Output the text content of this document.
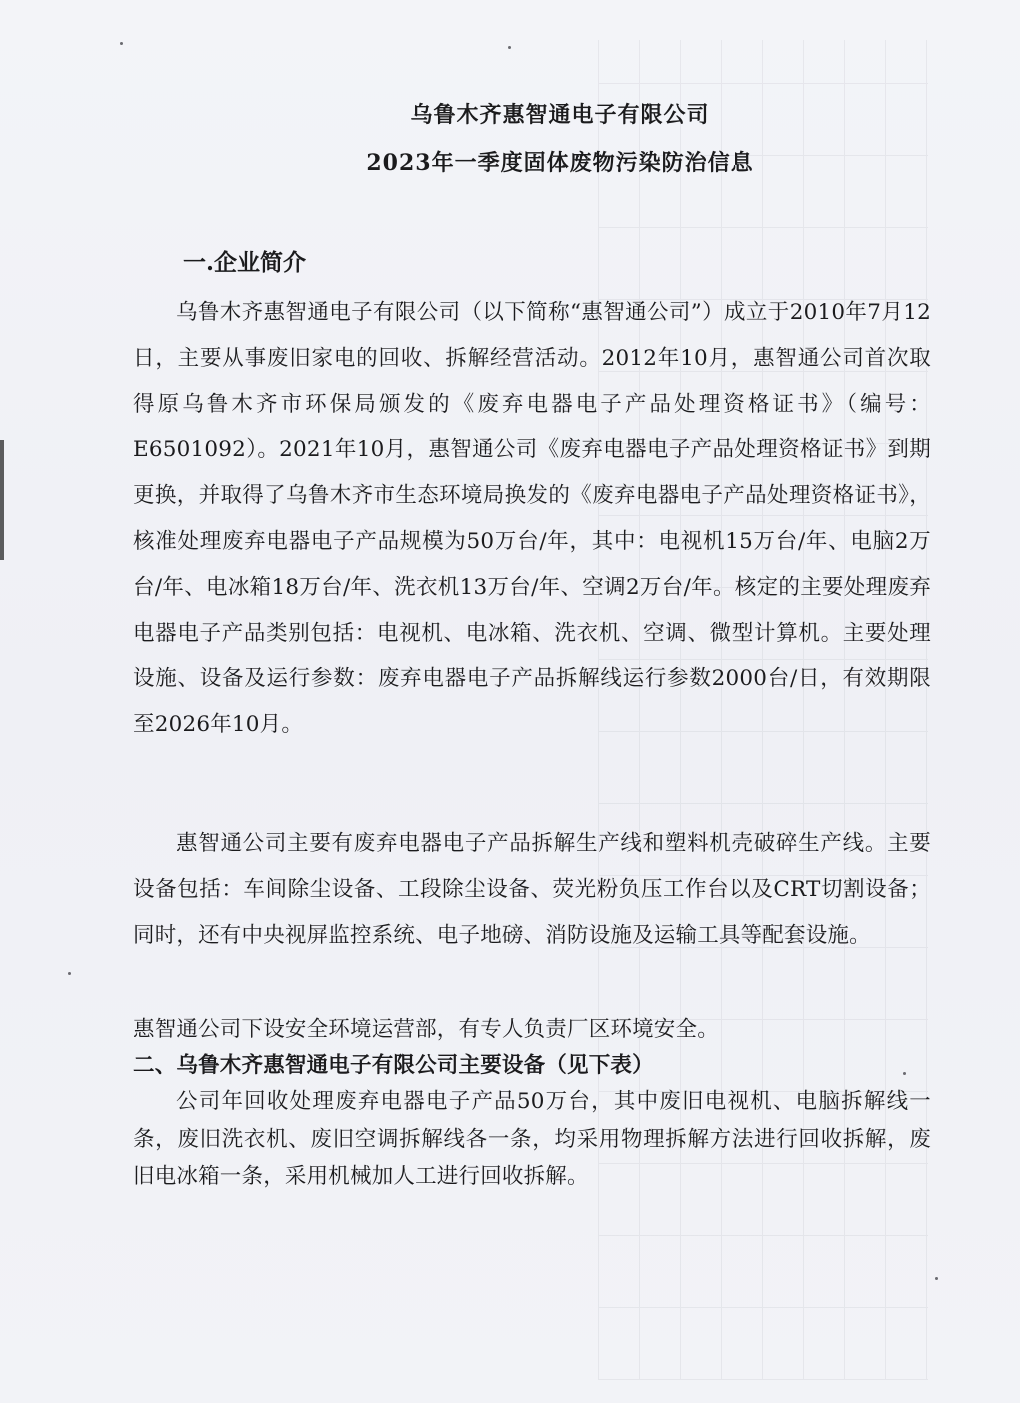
乌鲁木齐惠智通电子有限公司
2023年一季度固体废物污染防治信息
一.企业简介
乌鲁木齐惠智通电子有限公司（以下简称“惠智通公司”）成立于2010年7月12日，主要从事废旧家电的回收、拆解经营活动。2012年10月，惠智通公司首次取得原乌鲁木齐市环保局颁发的《废弃电器电子产品处理资格证书》（编号：E6501092）。2021年10月，惠智通公司《废弃电器电子产品处理资格证书》到期更换，并取得了乌鲁木齐市生态环境局换发的《废弃电器电子产品处理资格证书》，核准处理废弃电器电子产品规模为50万台/年，其中：电视机15万台/年、电脑2万台/年、电冰箱18万台/年、洗衣机13万台/年、空调2万台/年。核定的主要处理废弃电器电子产品类别包括：电视机、电冰箱、洗衣机、空调、微型计算机。主要处理设施、设备及运行参数：废弃电器电子产品拆解线运行参数2000台/日，有效期限至2026年10月。
惠智通公司主要有废弃电器电子产品拆解生产线和塑料机壳破碎生产线。主要设备包括：车间除尘设备、工段除尘设备、荧光粉负压工作台以及CRT切割设备；同时，还有中央视屏监控系统、电子地磅、消防设施及运输工具等配套设施。
惠智通公司下设安全环境运营部，有专人负责厂区环境安全。
二、乌鲁木齐惠智通电子有限公司主要设备（见下表）
公司年回收处理废弃电器电子产品50万台，其中废旧电视机、电脑拆解线一条，废旧洗衣机、废旧空调拆解线各一条，均采用物理拆解方法进行回收拆解，废旧电冰箱一条，采用机械加人工进行回收拆解。
